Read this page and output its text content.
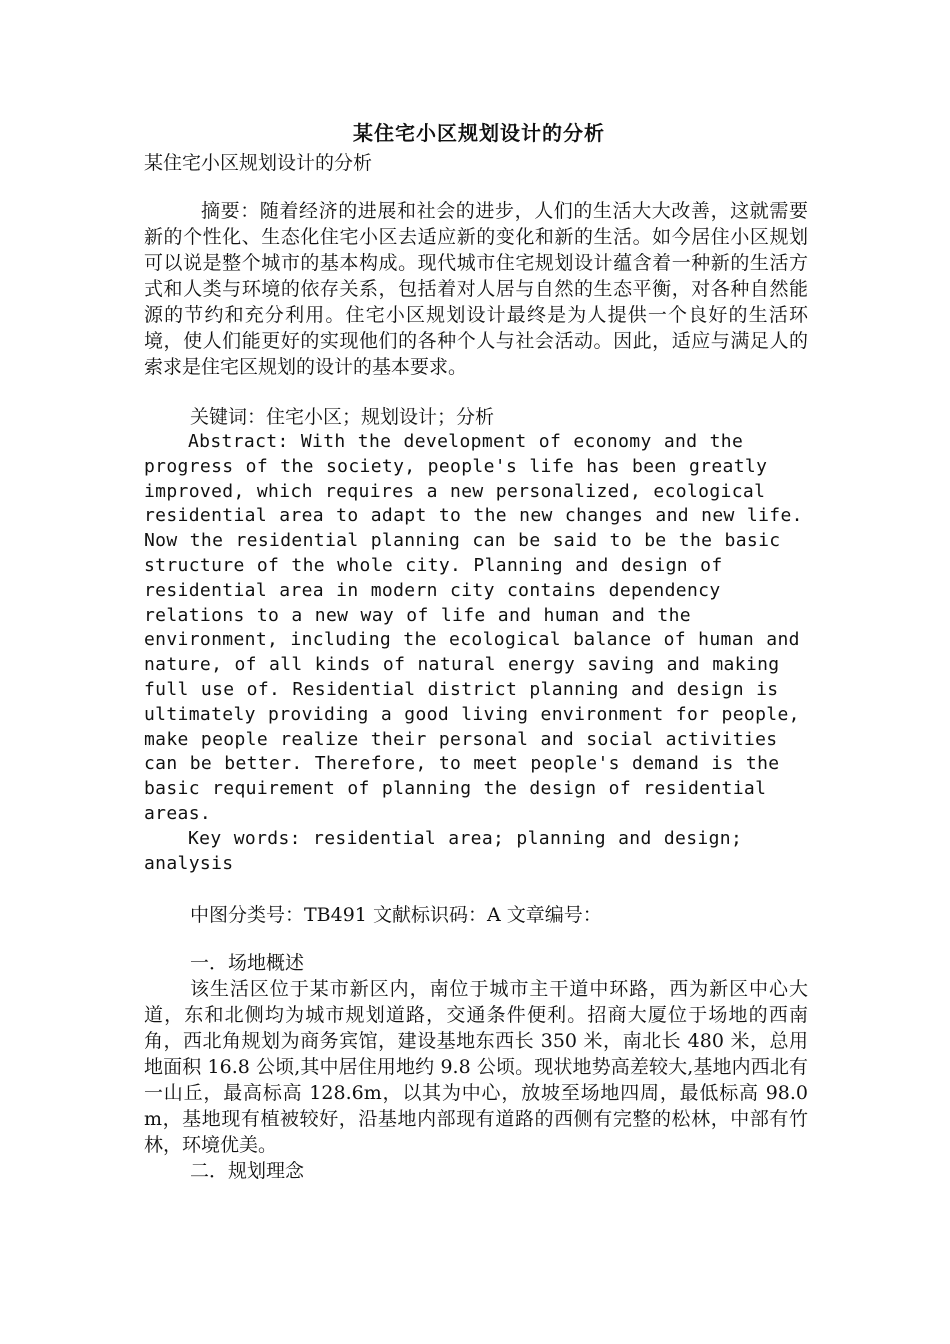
某住宅小区规划设计的分析

某住宅小区规划设计的分析

摘要：随着经济的进展和社会的进步，人们的生活大大改善，这就需要新的个性化、生态化住宅小区去适应新的变化和新的生活。如今居住小区规划可以说是整个城市的基本构成。现代城市住宅规划设计蕴含着一种新的生活方式和人类与环境的依存关系，包括着对人居与自然的生态平衡，对各种自然能源的节约和充分利用。住宅小区规划设计最终是为人提供一个良好的生活环境，使人们能更好的实现他们的各种个人与社会活动。因此，适应与满足人的索求是住宅区规划的设计的基本要求。

关键词：住宅小区；规划设计；分析

Abstract: With the development of economy and the progress of the society, people's life has been greatly improved, which requires a new personalized, ecological residential area to adapt to the new changes and new life. Now the residential planning can be said to be the basic structure of the whole city. Planning and design of residential area in modern city contains dependency relations to a new way of life and human and the environment, including the ecological balance of human and nature, of all kinds of natural energy saving and making full use of. Residential district planning and design is ultimately providing a good living environment for people, make people realize their personal and social activities can be better. Therefore, to meet people's demand is the basic requirement of planning the design of residential areas.

Key words: residential area; planning and design; analysis

中图分类号：TB491 文献标识码：A 文章编号：

一．场地概述

该生活区位于某市新区内，南位于城市主干道中环路，西为新区中心大道，东和北侧均为城市规划道路，交通条件便利。招商大厦位于场地的西南角，西北角规划为商务宾馆，建设基地东西长 350 米，南北长 480 米，总用地面积 16.8 公顷,其中居住用地约 9.8 公顷。现状地势高差较大,基地内西北有一山丘，最高标高 128.6m，以其为中心，放坡至场地四周，最低标高 98.0m，基地现有植被较好，沿基地内部现有道路的西侧有完整的松林，中部有竹林，环境优美。

二．规划理念
